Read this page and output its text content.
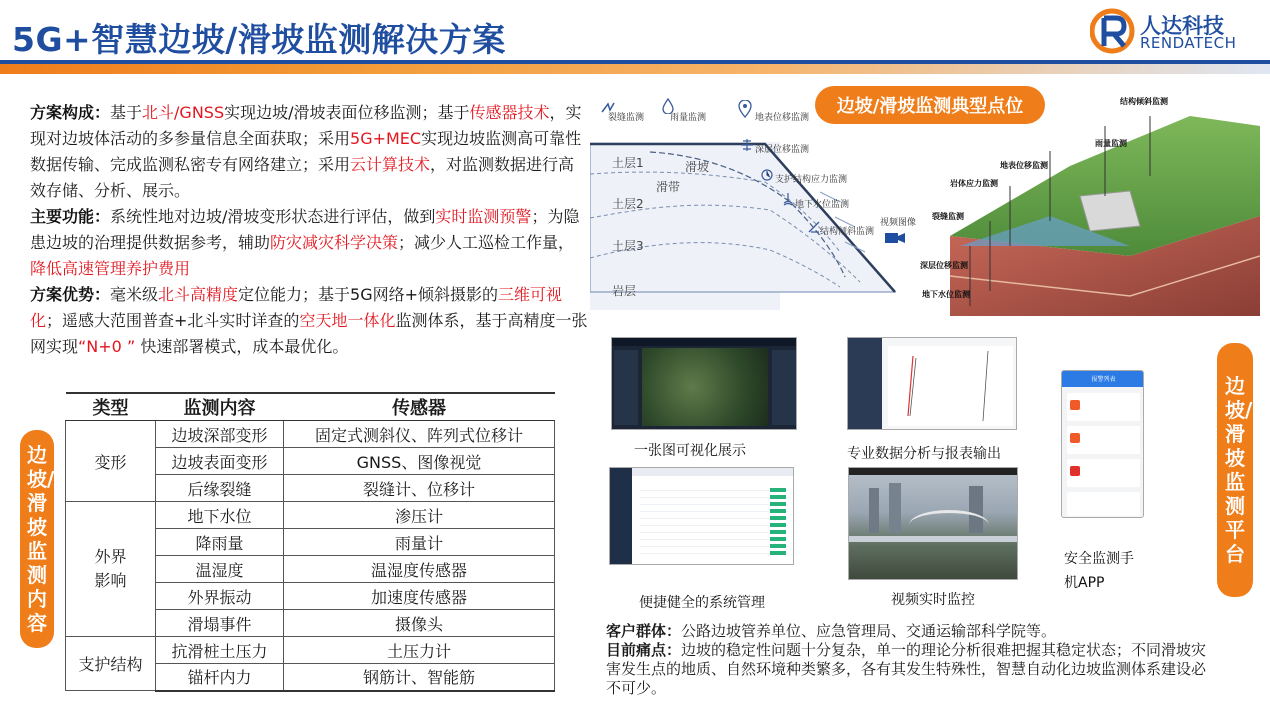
5G+智慧边坡/滑坡监测解决方案	人达科技
RENDATECH

方案构成：基于北斗/GNSS实现边坡/滑坡表面位移监测；基于传感器技术，实现对边坡体活动的多参量信息全面获取；采用5G+MEC实现边坡监测高可靠性数据传输、完成监测私密专有网络建立；采用云计算技术，对监测数据进行高效存储、分析、展示。

主要功能：系统性地对边坡/滑坡变形状态进行评估，做到实时监测预警；为隐患边坡的治理提供数据参考，辅助防灾减灾科学决策；减少人工巡检工作量，降低高速管理养护费用

方案优势：毫米级北斗高精度定位能力；基于5G网络+倾斜摄影的三维可视化；遥感大范围普查+北斗实时详查的空天地一体化监测体系，基于高精度一张网实现“N+0 ” 快速部署模式，成本最优化。

边坡/滑坡监测内容
类型	监测内容	传感器
变形	边坡深部变形	固定式测斜仪、阵列式位移计
	边坡表面变形	GNSS、图像视觉
	后缘裂缝	裂缝计、位移计
外界影响	地下水位	渗压计
	降雨量	雨量计
	温湿度	温湿度传感器
	外界振动	加速度传感器
	滑塌事件	摄像头
支护结构	抗滑桩土压力	土压力计
	锚杆内力	钢筋计、智能筋
边坡/滑坡监测典型点位
裂缝监测	雨量监测	地表位移监测
深层位移监测
支护结构应力监测
地下水位监测
结构倾斜监测
视频图像
土层1
土层2
土层3
岩层
滑坡
滑带
结构倾斜监测
雨量监测
地表位移监测
岩体应力监测
裂缝监测
深层位移监测
地下水位监测
边坡/滑坡监测平台
一张图可视化展示	专业数据分析与报表输出
便捷健全的系统管理	视频实时监控
报警列表
安全监测手
机APP
客户群体：公路边坡管养单位、应急管理局、交通运输部科学院等。
目前痛点：边坡的稳定性问题十分复杂，单一的理论分析很难把握其稳定状态；不同滑坡灾害发生点的地质、自然环境种类繁多，各有其发生特殊性，智慧自动化边坡监测体系建设必不可少。
